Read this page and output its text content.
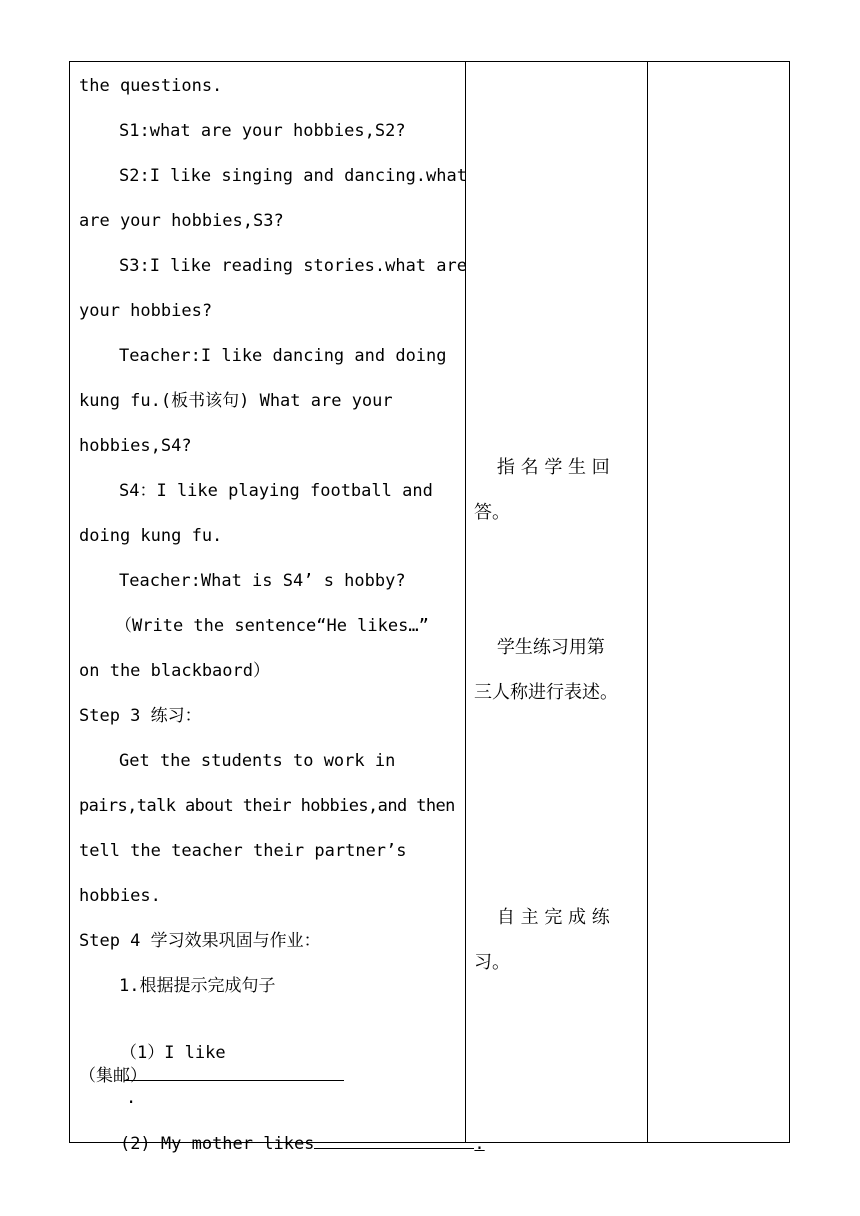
the questions.
S1:what are your hobbies,S2?
S2:I like singing and dancing.what
are your hobbies,S3?
S3:I like reading stories.what are
your hobbies?
Teacher:I like dancing and doing
kung fu.(板书该句) What are your
hobbies,S4?
S4：I like playing football and
doing kung fu.
Teacher:What is S4’ s hobby?
（Write the sentence“He likes…”
on the blackbaord）
Step 3 练习：
Get the students to work in
pairs,talk about their hobbies,and then
tell the teacher their partner’s
hobbies.
Step 4 学习效果巩固与作业：
1.根据提示完成句子

（1）I like

.

（集邮）

(2) My mother likes	.

指 名 学 生 回
答。
学生练习用第
三人称进行表述。
自 主 完 成 练
习。
